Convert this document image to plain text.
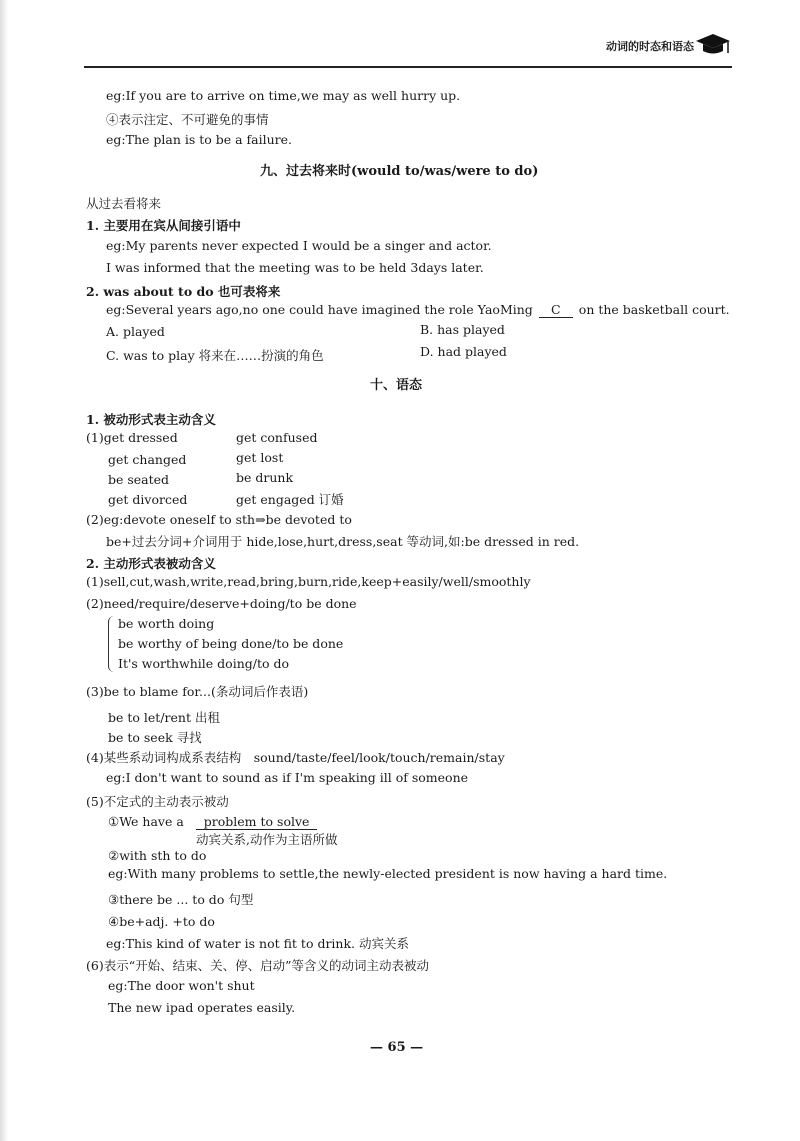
动词的时态和语态
eg:If you are to arrive on time,we may as well hurry up.
④表示注定、不可避免的事情
eg:The plan is to be a failure.
九、过去将来时(would to/was/were to do)
从过去看将来
1. 主要用在宾从间接引语中
eg:My parents never expected I would be a singer and actor.
I was informed that the meeting was to be held 3days later.
2. was about to do 也可表将来
eg:Several years ago,no one could have imagined the role YaoMing C on the basketball court.
A. played	B. has played
C. was to play 将来在……扮演的角色	D. had played
十、语态
1. 被动形式表主动含义
(1)get dressed	get confused
get changed	get lost
be seated	be drunk
get divorced	get engaged 订婚
(2)eg:devote oneself to sth⇒be devoted to
be+过去分词+介词用于 hide,lose,hurt,dress,seat 等动词,如:be dressed in red.
2. 主动形式表被动含义
(1)sell,cut,wash,write,read,bring,burn,ride,keep+easily/well/smoothly
(2)need/require/deserve+doing/to be done
be worth doing
be worthy of being done/to be done
It's worthwhile doing/to do
(3)be to blame for...(条动词后作表语)
be to let/rent 出租
be to seek 寻找
(4)某些系动词构成系表结构　sound/taste/feel/look/touch/remain/stay
eg:I don't want to sound as if I'm speaking ill of someone
(5)不定式的主动表示被动
①We have a problem to solve
动宾关系,动作为主语所做
②with sth to do
eg:With many problems to settle,the newly-elected president is now having a hard time.
③there be ... to do 句型
④be+adj. +to do
eg:This kind of water is not fit to drink. 动宾关系
(6)表示“开始、结束、关、停、启动”等含义的动词主动表被动
eg:The door won't shut
The new ipad operates easily.
— 65 —
